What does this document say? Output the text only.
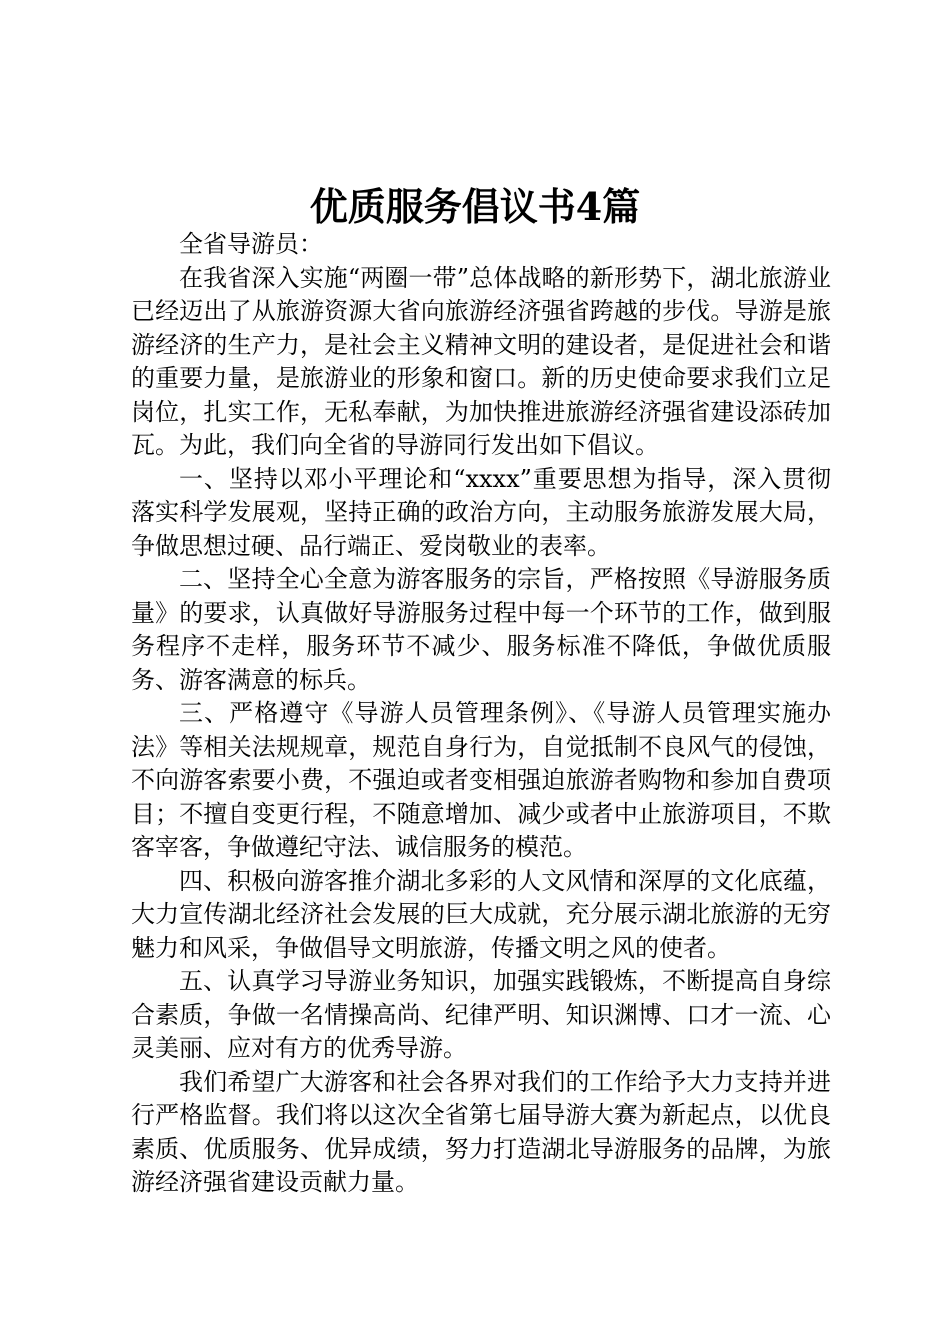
优质服务倡议书4篇

全省导游员：

在我省深入实施“两圈一带”总体战略的新形势下，湖北旅游业已经迈出了从旅游资源大省向旅游经济强省跨越的步伐。导游是旅游经济的生产力，是社会主义精神文明的建设者，是促进社会和谐的重要力量，是旅游业的形象和窗口。新的历史使命要求我们立足岗位，扎实工作，无私奉献，为加快推进旅游经济强省建设添砖加瓦。为此，我们向全省的导游同行发出如下倡议。

一、坚持以邓小平理论和“xxxx”重要思想为指导，深入贯彻落实科学发展观，坚持正确的政治方向，主动服务旅游发展大局，争做思想过硬、品行端正、爱岗敬业的表率。

二、坚持全心全意为游客服务的宗旨，严格按照《导游服务质量》的要求，认真做好导游服务过程中每一个环节的工作，做到服务程序不走样，服务环节不减少、服务标准不降低，争做优质服务、游客满意的标兵。

三、严格遵守《导游人员管理条例》、《导游人员管理实施办法》等相关法规规章，规范自身行为，自觉抵制不良风气的侵蚀，不向游客索要小费，不强迫或者变相强迫旅游者购物和参加自费项目；不擅自变更行程，不随意增加、减少或者中止旅游项目，不欺客宰客，争做遵纪守法、诚信服务的模范。

四、积极向游客推介湖北多彩的人文风情和深厚的文化底蕴，大力宣传湖北经济社会发展的巨大成就，充分展示湖北旅游的无穷魅力和风采，争做倡导文明旅游，传播文明之风的使者。

五、认真学习导游业务知识，加强实践锻炼，不断提高自身综合素质，争做一名情操高尚、纪律严明、知识渊博、口才一流、心灵美丽、应对有方的优秀导游。

我们希望广大游客和社会各界对我们的工作给予大力支持并进行严格监督。我们将以这次全省第七届导游大赛为新起点，以优良素质、优质服务、优异成绩，努力打造湖北导游服务的品牌，为旅游经济强省建设贡献力量。
